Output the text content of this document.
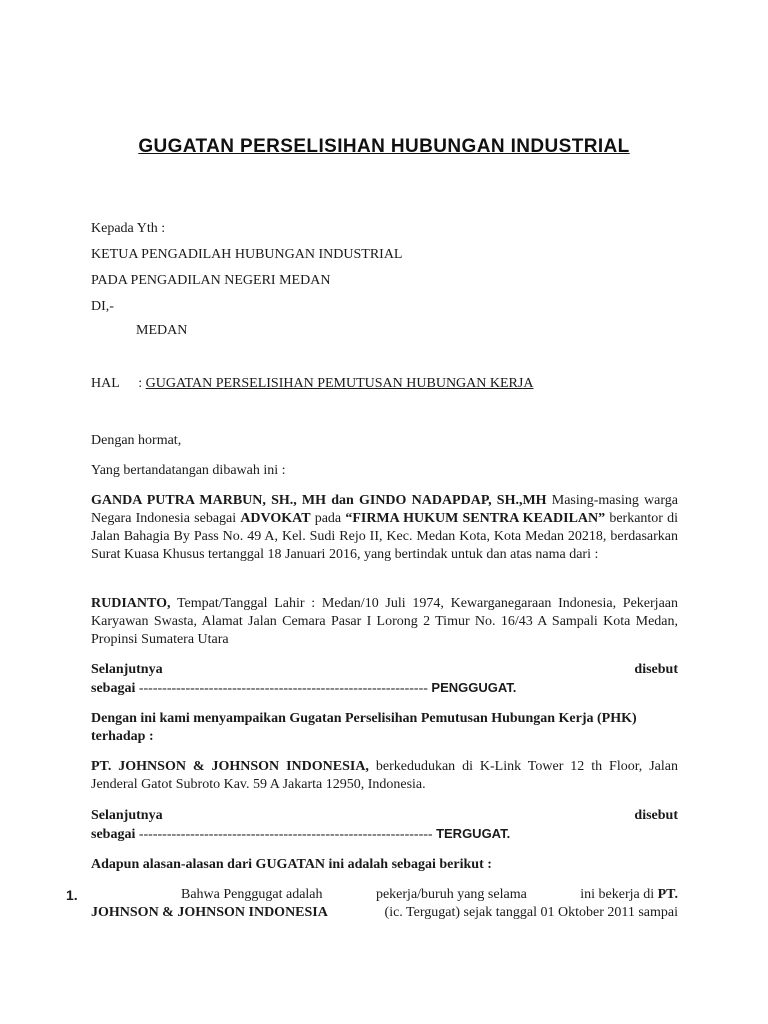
GUGATAN PERSELISIHAN HUBUNGAN INDUSTRIAL
Kepada Yth :
KETUA PENGADILAH HUBUNGAN INDUSTRIAL
PADA PENGADILAN NEGERI MEDAN
DI,-
MEDAN
HAL : GUGATAN PERSELISIHAN PEMUTUSAN HUBUNGAN KERJA
Dengan hormat,
Yang bertandatangan dibawah ini :
GANDA PUTRA MARBUN, SH., MH dan GINDO NADAPDAP, SH.,MH Masing-masing warga Negara Indonesia sebagai ADVOKAT pada “FIRMA HUKUM SENTRA KEADILAN” berkantor di Jalan Bahagia By Pass No. 49 A, Kel. Sudi Rejo II, Kec. Medan Kota, Kota Medan 20218, berdasarkan Surat Kuasa Khusus tertanggal 18 Januari 2016, yang bertindak untuk dan atas nama dari :
RUDIANTO, Tempat/Tanggal Lahir : Medan/10 Juli 1974, Kewarganegaraan Indonesia, Pekerjaan Karyawan Swasta, Alamat Jalan Cemara Pasar I Lorong 2 Timur No. 16/43 A Sampali Kota Medan, Propinsi Sumatera Utara
Selanjutnya	disebut
sebagai -------------------------------------------------------------- PENGGUGAT.
Dengan ini kami menyampaikan Gugatan Perselisihan Pemutusan Hubungan Kerja (PHK) terhadap :
PT. JOHNSON & JOHNSON INDONESIA, berkedudukan di K-Link Tower 12 th Floor, Jalan Jenderal Gatot Subroto Kav. 59 A Jakarta 12950, Indonesia.
Selanjutnya	disebut
sebagai --------------------------------------------------------------- TERGUGAT.
Adapun alasan-alasan dari GUGATAN ini adalah sebagai berikut :
1.	Bahwa Penggugat adalah	pekerja/buruh yang selama	ini bekerja di PT.
JOHNSON & JOHNSON INDONESIA	(ic. Tergugat) sejak tanggal 01 Oktober 2011 sampai
